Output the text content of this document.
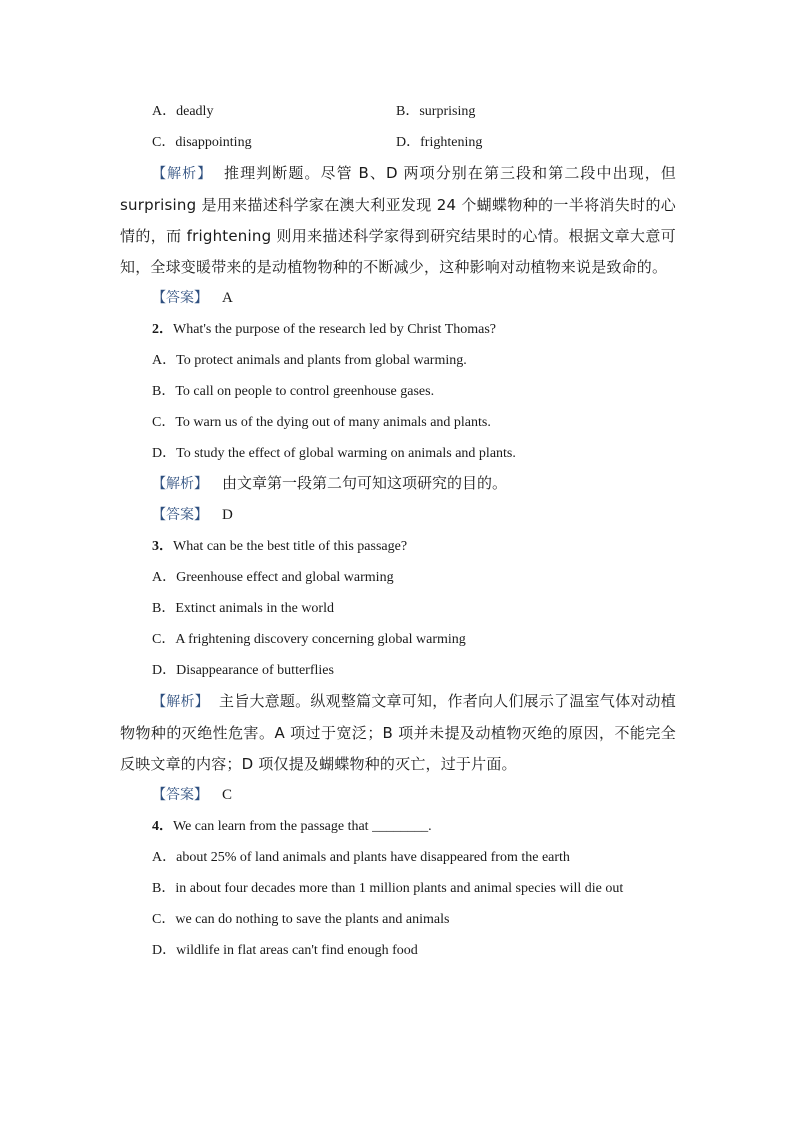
A．deadly	B．surprising
C．disappointing	D．frightening
【解析】 推理判断题。尽管 B、D 两项分别在第三段和第二段中出现，但 surprising 是用来描述科学家在澳大利亚发现 24 个蝴蝶物种的一半将消失时的心情的，而 frightening 则用来描述科学家得到研究结果时的心情。根据文章大意可知，全球变暖带来的是动植物物种的不断减少，这种影响对动植物来说是致命的。
【答案】 A
2．What's the purpose of the research led by Christ Thomas?
A．To protect animals and plants from global warming.
B．To call on people to control greenhouse gases.
C．To warn us of the dying out of many animals and plants.
D．To study the effect of global warming on animals and plants.
【解析】 由文章第一段第二句可知这项研究的目的。
【答案】 D
3．What can be the best title of this passage?
A．Greenhouse effect and global warming
B．Extinct animals in the world
C．A frightening discovery concerning global warming
D．Disappearance of butterflies
【解析】 主旨大意题。纵观整篇文章可知，作者向人们展示了温室气体对动植物物种的灭绝性危害。A 项过于宽泛；B 项并未提及动植物灭绝的原因，不能完全反映文章的内容；D 项仅提及蝴蝶物种的灭亡，过于片面。
【答案】 C
4．We can learn from the passage that ________.
A．about 25% of land animals and plants have disappeared from the earth
B．in about four decades more than 1 million plants and animal species will die out
C．we can do nothing to save the plants and animals
D．wildlife in flat areas can't find enough food
